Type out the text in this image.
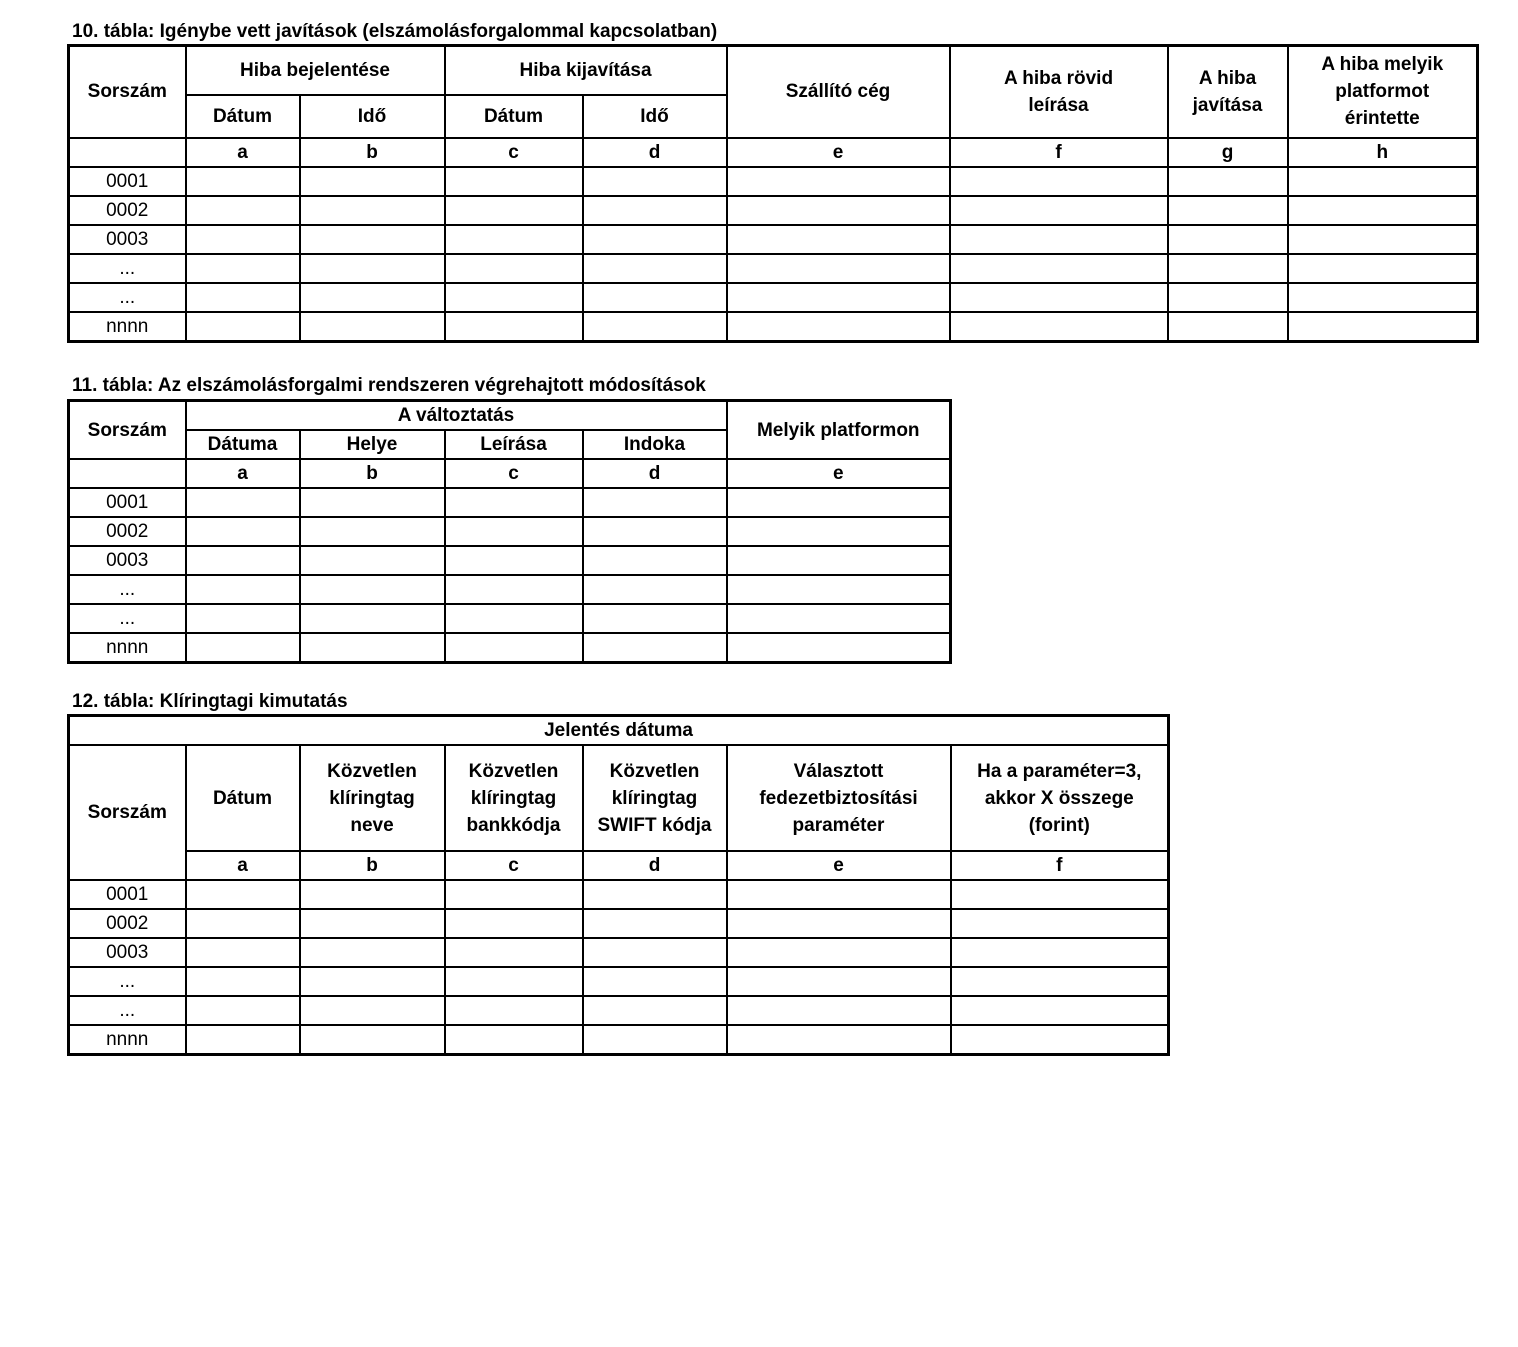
10. tábla: Igénybe vett javítások (elszámolásforgalommal kapcsolatban)
Sorszám	Hiba bejelentése		Hiba kijavítása		Szállító cég	A hiba rövid leírása	A hiba javítása	A hiba melyik platformot érintette
	Dátum	Idő	Dátum	Idő				
	a	b	c	d	e	f	g	h
0001								
0002								
0003								
...								
...								
nnnn								
11. tábla: Az elszámolásforgalmi rendszeren végrehajtott módosítások
Sorszám	A változtatás				Melyik platformon
	Dátuma	Helye	Leírása	Indoka	
	a	b	c	d	e
0001					
0002					
0003					
...					
...					
nnnn					
12. tábla: Klíringtagi kimutatás
Jelentés dátuma						
Sorszám	Dátum	Közvetlen klíringtag neve	Közvetlen klíringtag bankkódja	Közvetlen klíringtag SWIFT kódja	Választott fedezetbiztosítási paraméter	Ha a paraméter=3, akkor X összege (forint)
	a	b	c	d	e	f
0001						
0002						
0003						
...						
...						
nnnn						
